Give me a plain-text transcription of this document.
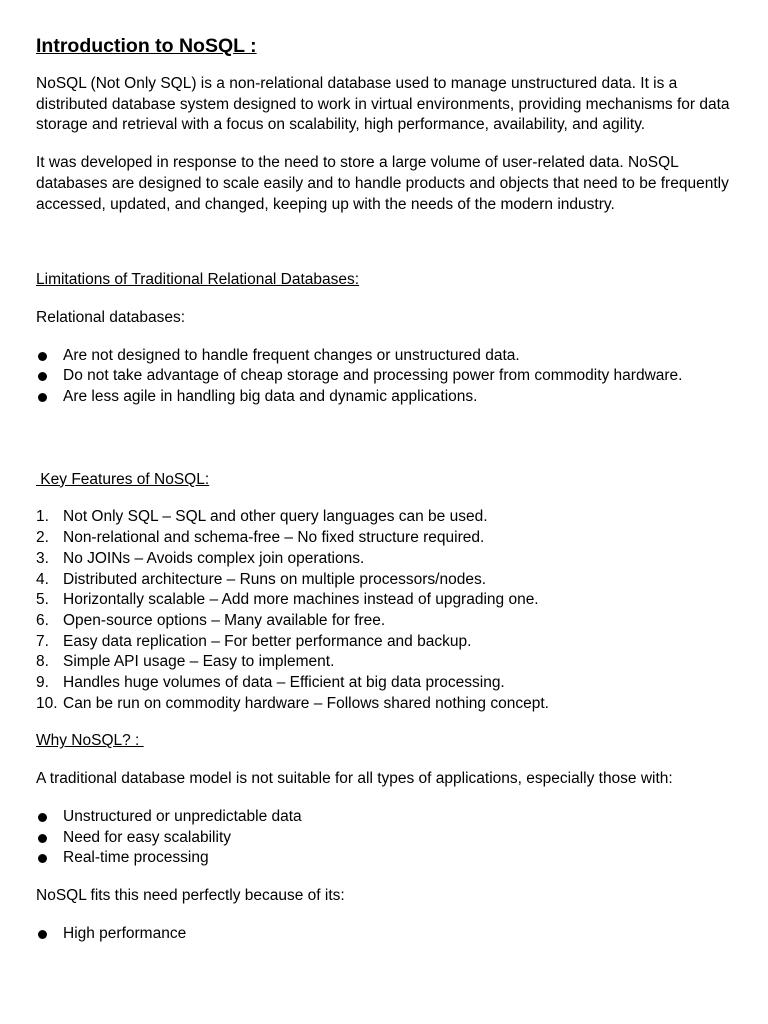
Introduction to NoSQL :

NoSQL (Not Only SQL) is a non-relational database used to manage unstructured data. It is a distributed database system designed to work in virtual environments, providing mechanisms for data storage and retrieval with a focus on scalability, high performance, availability, and agility.

It was developed in response to the need to store a large volume of user-related data. NoSQL databases are designed to scale easily and to handle products and objects that need to be frequently accessed, updated, and changed, keeping up with the needs of the modern industry.

Limitations of Traditional Relational Databases:

Relational databases:

Are not designed to handle frequent changes or unstructured data.
Do not take advantage of cheap storage and processing power from commodity hardware.
Are less agile in handling big data and dynamic applications.
Key Features of NoSQL:
1. Not Only SQL – SQL and other query languages can be used.
2. Non-relational and schema-free – No fixed structure required.
3. No JOINs – Avoids complex join operations.
4. Distributed architecture – Runs on multiple processors/nodes.
5. Horizontally scalable – Add more machines instead of upgrading one.
6. Open-source options – Many available for free.
7. Easy data replication – For better performance and backup.
8. Simple API usage – Easy to implement.
9. Handles huge volumes of data – Efficient at big data processing.
10. Can be run on commodity hardware – Follows shared nothing concept.
Why NoSQL? :

A traditional database model is not suitable for all types of applications, especially those with:

Unstructured or unpredictable data
Need for easy scalability
Real-time processing

NoSQL fits this need perfectly because of its:

High performance
